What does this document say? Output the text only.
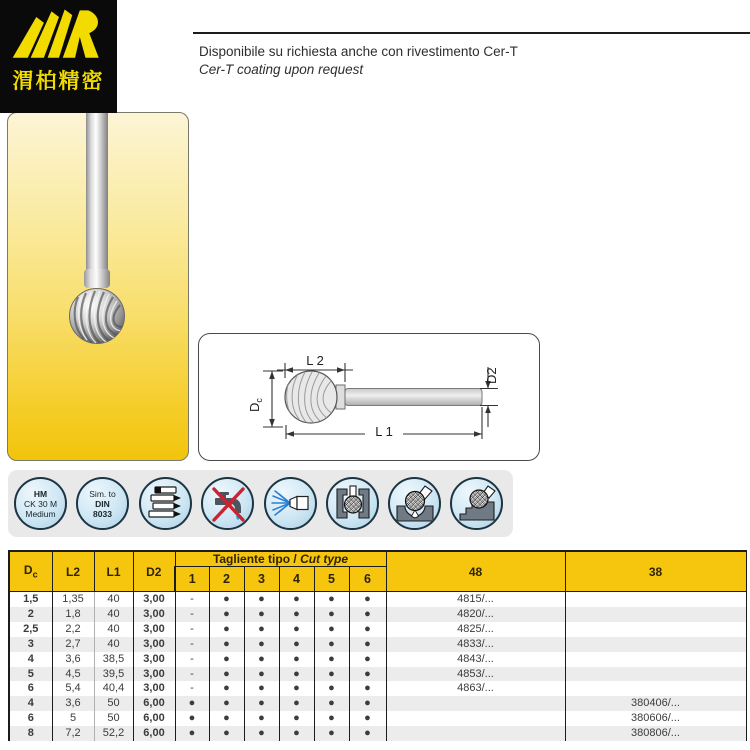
渭柏精密
Disponibile su richiesta anche con rivestimento Cer-T
Cer-T coating upon request
L 2
$D_c$
D2
L 1
HM
CK 30 M
Medium
Sim. to
DIN
8033
$D_c$	L2	L1	D2	Tagliente tipo / Cut type						48	38
				1	2	3	4	5	6		
1,5	1,35	40	3,00	-	●	●	●	●	●	4815/...	
2	1,8	40	3,00	-	●	●	●	●	●	4820/...	
2,5	2,2	40	3,00	-	●	●	●	●	●	4825/...	
3	2,7	40	3,00	-	●	●	●	●	●	4833/...	
4	3,6	38,5	3,00	-	●	●	●	●	●	4843/...	
5	4,5	39,5	3,00	-	●	●	●	●	●	4853/...	
6	5,4	40,4	3,00	-	●	●	●	●	●	4863/...	
4	3,6	50	6,00	●	●	●	●	●	●		380406/...
6	5	50	6,00	●	●	●	●	●	●		380606/...
8	7,2	52,2	6,00	●	●	●	●	●	●		380806/...
